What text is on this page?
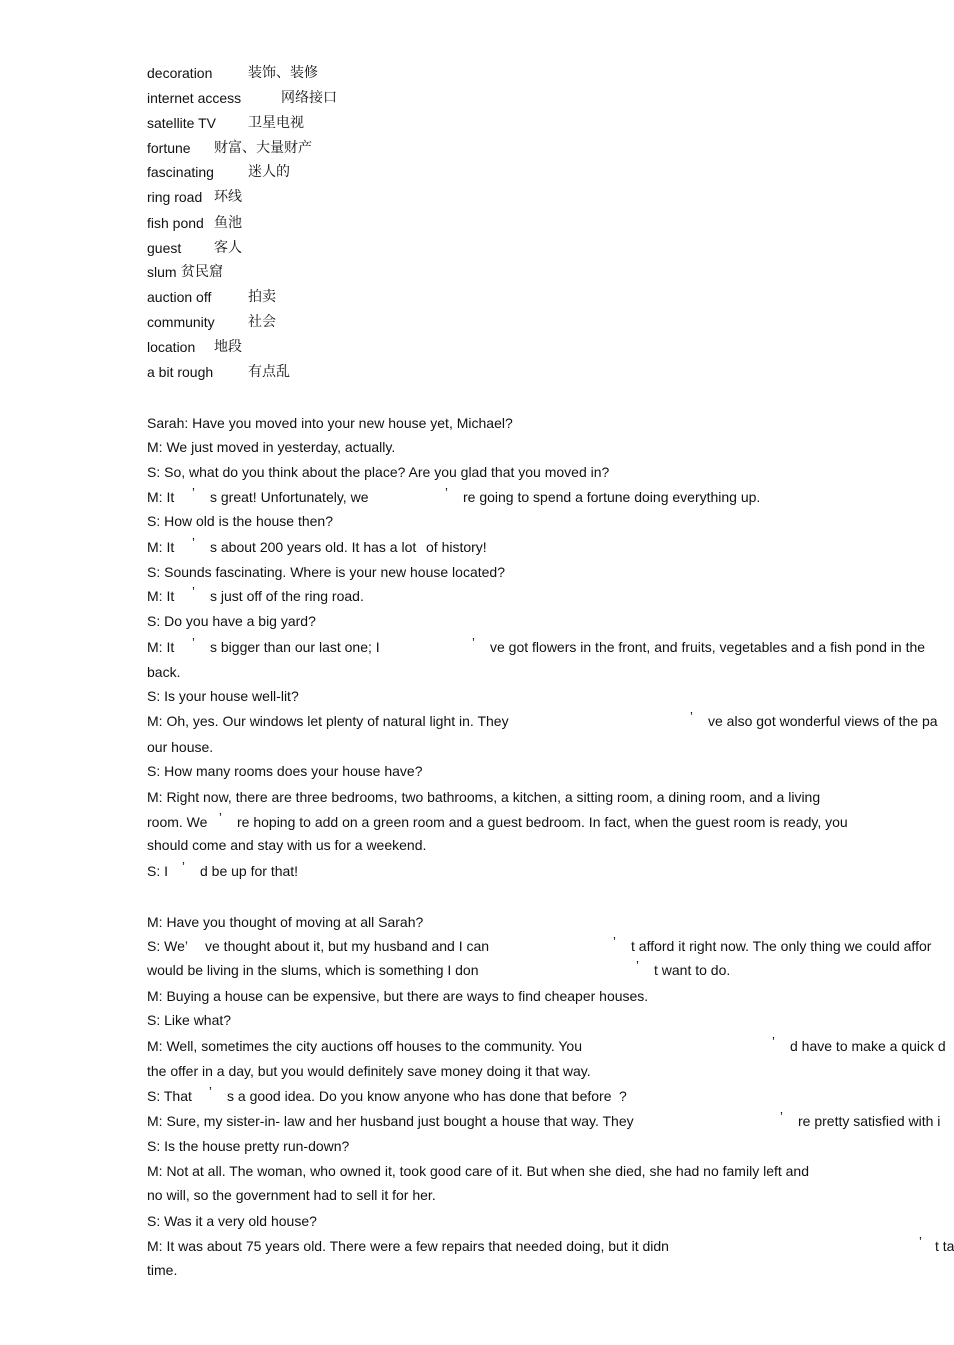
decoration	装饰、装修
internet access	网络接口
satellite TV 卫星电视
fortune 财富、大量财产
fascinating 迷人的
ring road 环线
fish pond 鱼池
guest 客人
slum 贫民窟
auction off	拍卖
community 社会
location 地段
a bit rough 有点乱
Sarah: Have you moved into your new house yet, Michael?
M: We just moved in yesterday, actually.
S: So, what do you think about the place? Are you glad that you moved in?
M: It ’ s great! Unfortunately, we	’ re going to spend a fortune doing everything up.
S: How old is the house then?
M: It ’ s about 200 years old. It has a lot of history!
S: Sounds fascinating. Where is your new house located?
M: It ’ s just off of the ring road.
S: Do you have a big yard?
M: It ’ s bigger than our last one; I	’ ve got flowers in the front, and fruits, vegetables and a fish pond in the
back.
S: Is your house well-lit?
M: Oh, yes. Our windows let plenty of natural light in. They	’ ve also got wonderful views of the pa
our house.
S: How many rooms does your house have?
M: Right now, there are three bedrooms, two bathrooms, a kitchen, a sitting room, a dining room, and a living
room. We ’ re hoping to add on a green room and a guest bedroom. In fact, when the guest room is ready, you
should come and stay with us for a weekend.
S: I ’ d be up for that!
M: Have you thought of moving at all Sarah?
S: We’ ve thought about it, but my husband and I can	’ t afford it right now. The only thing we could affor
would be living in the slums, which is something I don	’ t want to do.
M: Buying a house can be expensive, but there are ways to find cheaper houses.
S: Like what?
M: Well, sometimes the city auctions off houses to the community. You	’ d have to make a quick d
the offer in a day, but you would definitely save money doing it that way.
S: That ’ s a good idea. Do you know anyone who has done that before ?
M: Sure, my sister-in- law and her husband just bought a house that way. They	’ re pretty satisfied with i
S: Is the house pretty run-down?
M: Not at all. The woman, who owned it, took good care of it. But when she died, she had no family left and
no will, so the government had to sell it for her.
S: Was it a very old house?
M: It was about 75 years old. There were a few repairs that needed doing, but it didn	’ t ta
time.
